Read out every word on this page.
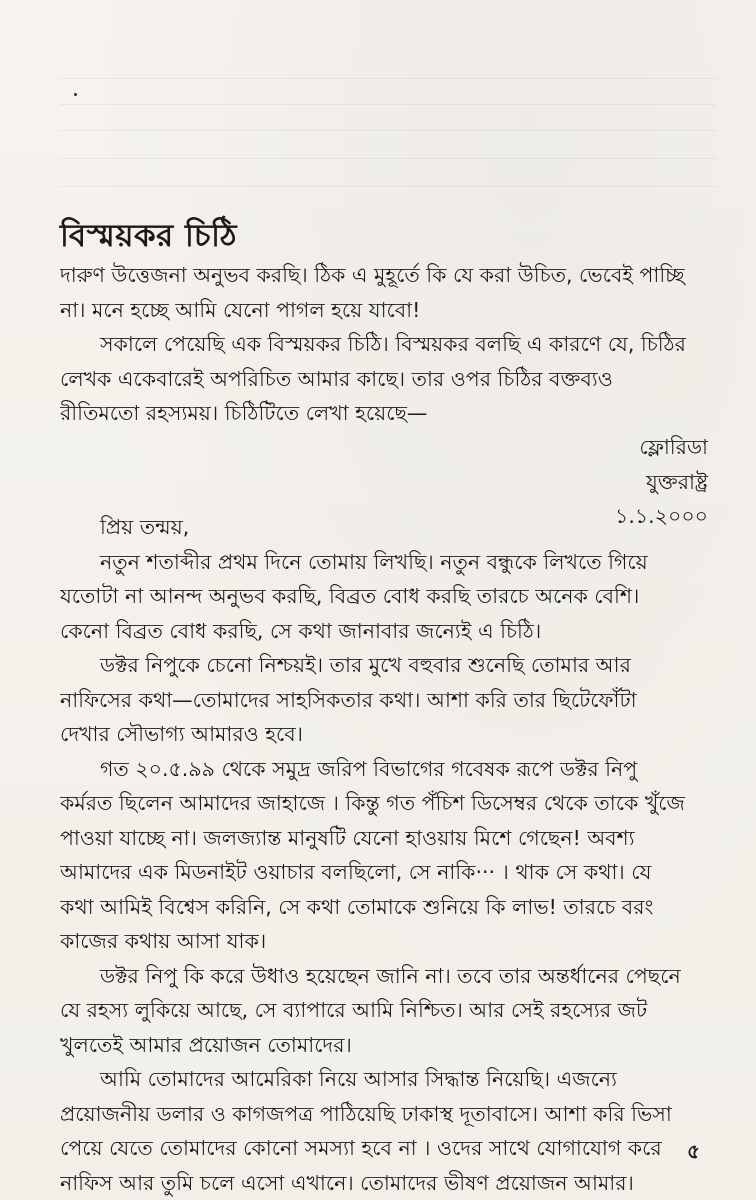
বিস্ময়কর চিঠি
দারুণ উত্তেজনা অনুভব করছি। ঠিক এ মুহূর্তে কি যে করা উচিত, ভেবেই পাচ্ছি
না। মনে হচ্ছে আমি যেনো পাগল হয়ে যাবো!
সকালে পেয়েছি এক বিস্ময়কর চিঠি। বিস্ময়কর বলছি এ কারণে যে, চিঠির
লেখক একেবারেই অপরিচিত আমার কাছে। তার ওপর চিঠির বক্তব্যও
রীতিমতো রহস্যময়। চিঠিটিতে লেখা হয়েছে—
ফ্লোরিডা
যুক্তরাষ্ট্র
১.১.২০০০
প্রিয় তন্ময়,
নতুন শতাব্দীর প্রথম দিনে তোমায় লিখছি। নতুন বন্ধুকে লিখতে গিয়ে
যতোটা না আনন্দ অনুভব করছি, বিব্রত বোধ করছি তারচে অনেক বেশি।
কেনো বিব্রত বোধ করছি, সে কথা জানাবার জন্যেই এ চিঠি।
ডক্টর নিপুকে চেনো নিশ্চয়ই। তার মুখে বহুবার শুনেছি তোমার আর
নাফিসের কথা—তোমাদের সাহসিকতার কথা। আশা করি তার ছিটেফোঁটা
দেখার সৌভাগ্য আমারও হবে।
গত ২০.৫.৯৯ থেকে সমুদ্র জরিপ বিভাগের গবেষক রূপে ডক্টর নিপু
কর্মরত ছিলেন আমাদের জাহাজে । কিন্তু গত পঁচিশ ডিসেম্বর থেকে তাকে খুঁজে
পাওয়া যাচ্ছে না। জলজ্যান্ত মানুষটি যেনো হাওয়ায় মিশে গেছেন! অবশ্য
আমাদের এক মিডনাইট ওয়াচার বলছিলো, সে নাকি··· । থাক সে কথা। যে
কথা আমিই বিশ্বেস করিনি, সে কথা তোমাকে শুনিয়ে কি লাভ! তারচে বরং
কাজের কথায় আসা যাক।
ডক্টর নিপু কি করে উধাও হয়েছেন জানি না। তবে তার অন্তর্ধানের পেছনে
যে রহস্য লুকিয়ে আছে, সে ব্যাপারে আমি নিশ্চিত। আর সেই রহস্যের জট
খুলতেই আমার প্রয়োজন তোমাদের।
আমি তোমাদের আমেরিকা নিয়ে আসার সিদ্ধান্ত নিয়েছি। এজন্যে
প্রয়োজনীয় ডলার ও কাগজপত্র পাঠিয়েছি ঢাকাস্থ দূতাবাসে। আশা করি ভিসা
পেয়ে যেতে তোমাদের কোনো সমস্যা হবে না । ওদের সাথে যোগাযোগ করে
নাফিস আর তুমি চলে এসো এখানে। তোমাদের ভীষণ প্রয়োজন আমার।
৫
